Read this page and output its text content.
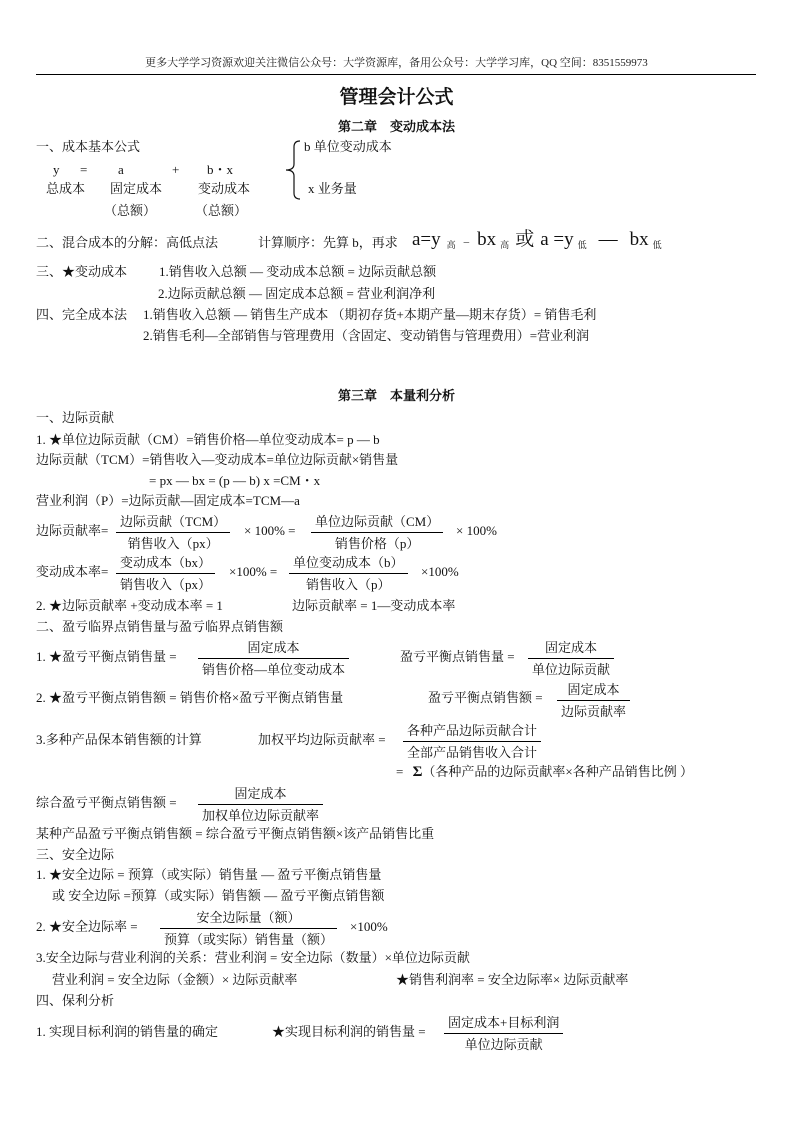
更多大学学习资源欢迎关注微信公众号：大学资源库，备用公众号：大学学习库，QQ 空间：8351559973
管理会计公式
第二章　变动成本法
一、成本基本公式
y = a	+ b・x
总成本 固定成本	变动成本
（总额）	（总额）
b 单位变动成本
x 业务量
二、混合成本的分解：高低点法	计算顺序：先算 b，再求 a=y $_高$ – bx $_高$ 或 a =y $_低$ — bx $_低$
三、★变动成本 1.销售收入总额 — 变动成本总额 = 边际贡献总额
2.边际贡献总额 — 固定成本总额 = 营业利润净利
四、完全成本法 1.销售收入总额 — 销售生产成本 （期初存货+本期产量—期末存货）= 销售毛利
2.销售毛利—全部销售与管理费用（含固定、变动销售与管理费用）=营业利润
第三章　本量利分析
一、边际贡献
1. ★单位边际贡献（CM）=销售价格—单位变动成本= p — b
边际贡献（TCM）=销售收入—变动成本=单位边际贡献×销售量
= px — bx = (p — b) x =CM・x
营业利润（P）=边际贡献—固定成本=TCM—a
边际贡献率=
边际贡献（TCM）
销售收入（px）
× 100% =
单位边际贡献（CM）
销售价格（p）
× 100%
变动成本率=
变动成本（bx）
销售收入（px）
×100% =
单位变动成本（b）
销售收入（p）
×100%
2. ★边际贡献率 +变动成本率 = 1	边际贡献率 = 1—变动成本率
二、盈亏临界点销售量与盈亏临界点销售额
1. ★盈亏平衡点销售量 =
固定成本
销售价格—单位变动成本
盈亏平衡点销售量 =
固定成本
单位边际贡献
2. ★盈亏平衡点销售额 = 销售价格×盈亏平衡点销售量	盈亏平衡点销售额 =
固定成本
边际贡献率
3.多种产品保本销售额的计算	加权平均边际贡献率 =
各种产品边际贡献合计
全部产品销售收入合计
= Σ（各种产品的边际贡献率×各种产品销售比例 ）
综合盈亏平衡点销售额 =
固定成本
加权单位边际贡献率
某种产品盈亏平衡点销售额 = 综合盈亏平衡点销售额×该产品销售比重
三、安全边际
1. ★安全边际 = 预算（或实际）销售量 — 盈亏平衡点销售量
或 安全边际 =预算（或实际）销售额 — 盈亏平衡点销售额
2. ★安全边际率 =
安全边际量（额）
预算（或实际）销售量（额）
×100%
3.安全边际与营业利润的关系：营业利润 = 安全边际（数量）×单位边际贡献
营业利润 = 安全边际（金额）× 边际贡献率	★销售利润率 = 安全边际率× 边际贡献率
四、保利分析
1. 实现目标利润的销售量的确定	★实现目标利润的销售量 =
固定成本+目标利润
单位边际贡献
